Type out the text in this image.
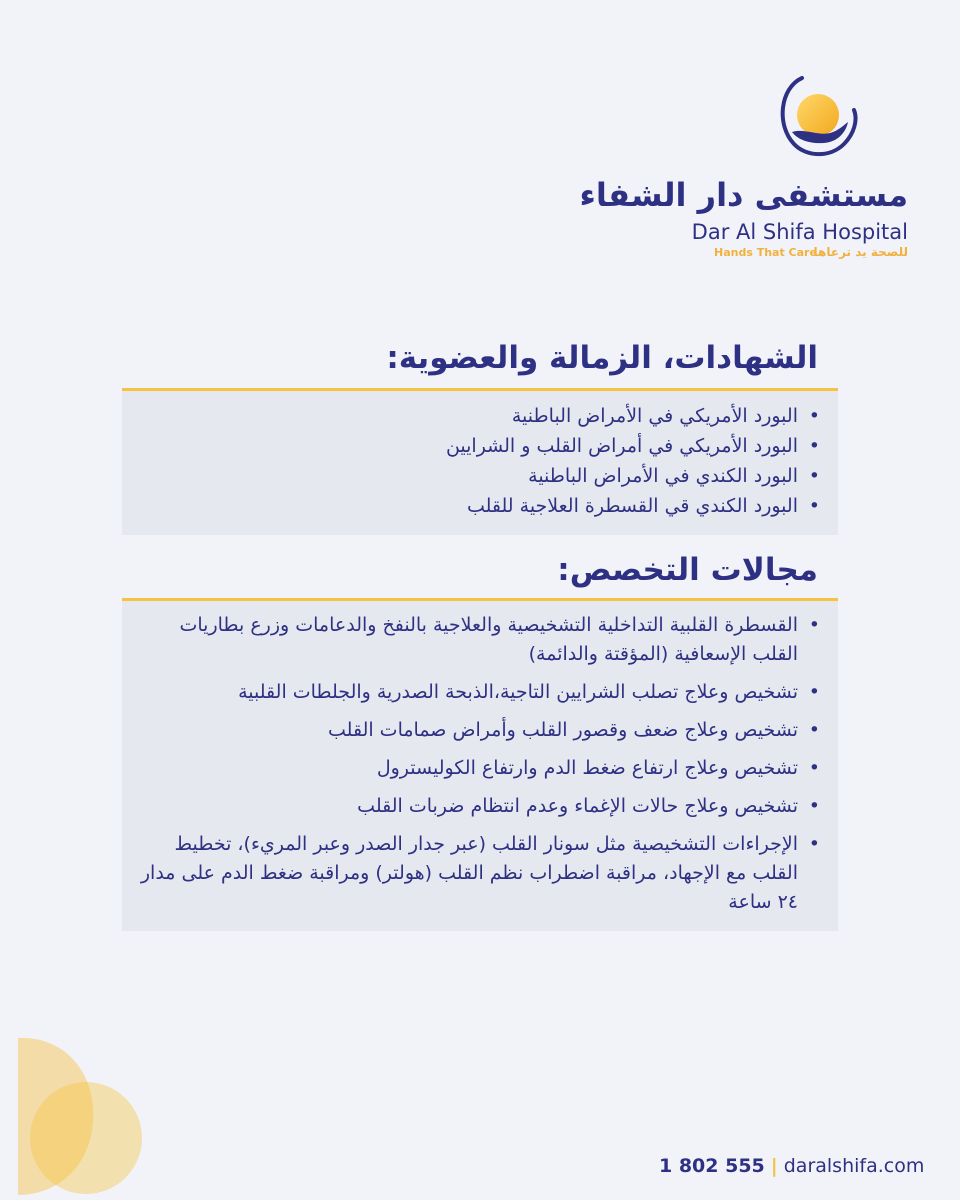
مستشفى دار الشفاء
Dar Al Shifa Hospital
Hands That Care
للصحة يد ترعاها
الشهادات، الزمالة والعضوية:
•
البورد الأمريكي في الأمراض الباطنية
•
البورد الأمريكي في أمراض القلب و الشرايين
•
البورد الكندي في الأمراض الباطنية
•
البورد الكندي قي القسطرة العلاجية للقلب
مجالات التخصص:
•
القسطرة القلبية التداخلية التشخيصية والعلاجية بالنفخ والدعامات وزرع بطاريات القلب الإسعافية (المؤقتة والدائمة)
•
تشخيص وعلاج تصلب الشرايين التاجية،الذبحة الصدرية والجلطات القلبية
•
تشخيص وعلاج ضعف وقصور القلب وأمراض صمامات القلب
•
تشخيص وعلاج ارتفاع ضغط الدم وارتفاع الكوليسترول
•
تشخيص وعلاج حالات الإغماء وعدم انتظام ضربات القلب
•
الإجراءات التشخيصية مثل سونار القلب (عبر جدار الصدر وعبر المريء)، تخطيط القلب مع الإجهاد، مراقبة اضطراب نظم القلب (هولتر) ومراقبة ضغط الدم على مدار ٢٤ ساعة
1 802 555 | daralshifa.com
